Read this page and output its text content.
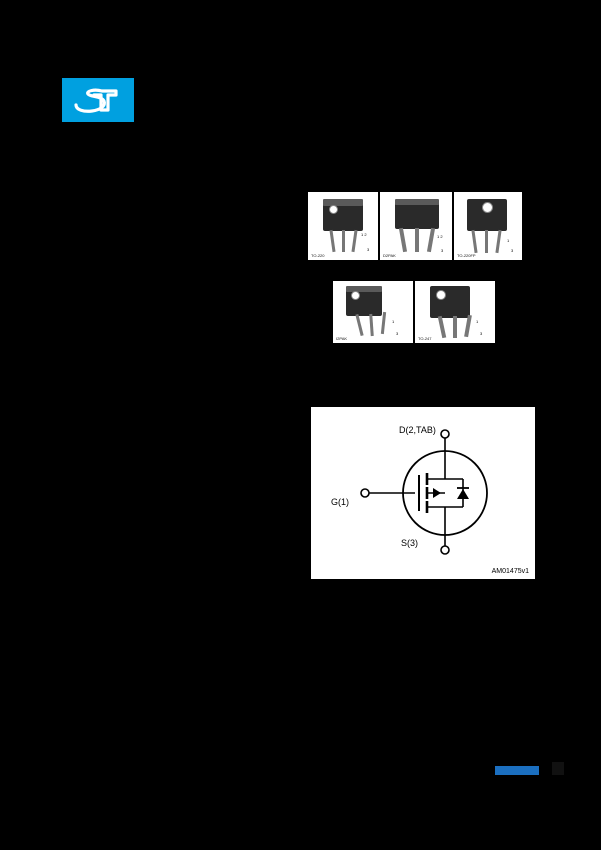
1 2
3
TO-220
1 2
3
D2PAK
1
3
TO-220FP
1
3
I2PAK
1
3
TO-247
D(2,TAB)
G(1)
S(3)
AM01475v1
